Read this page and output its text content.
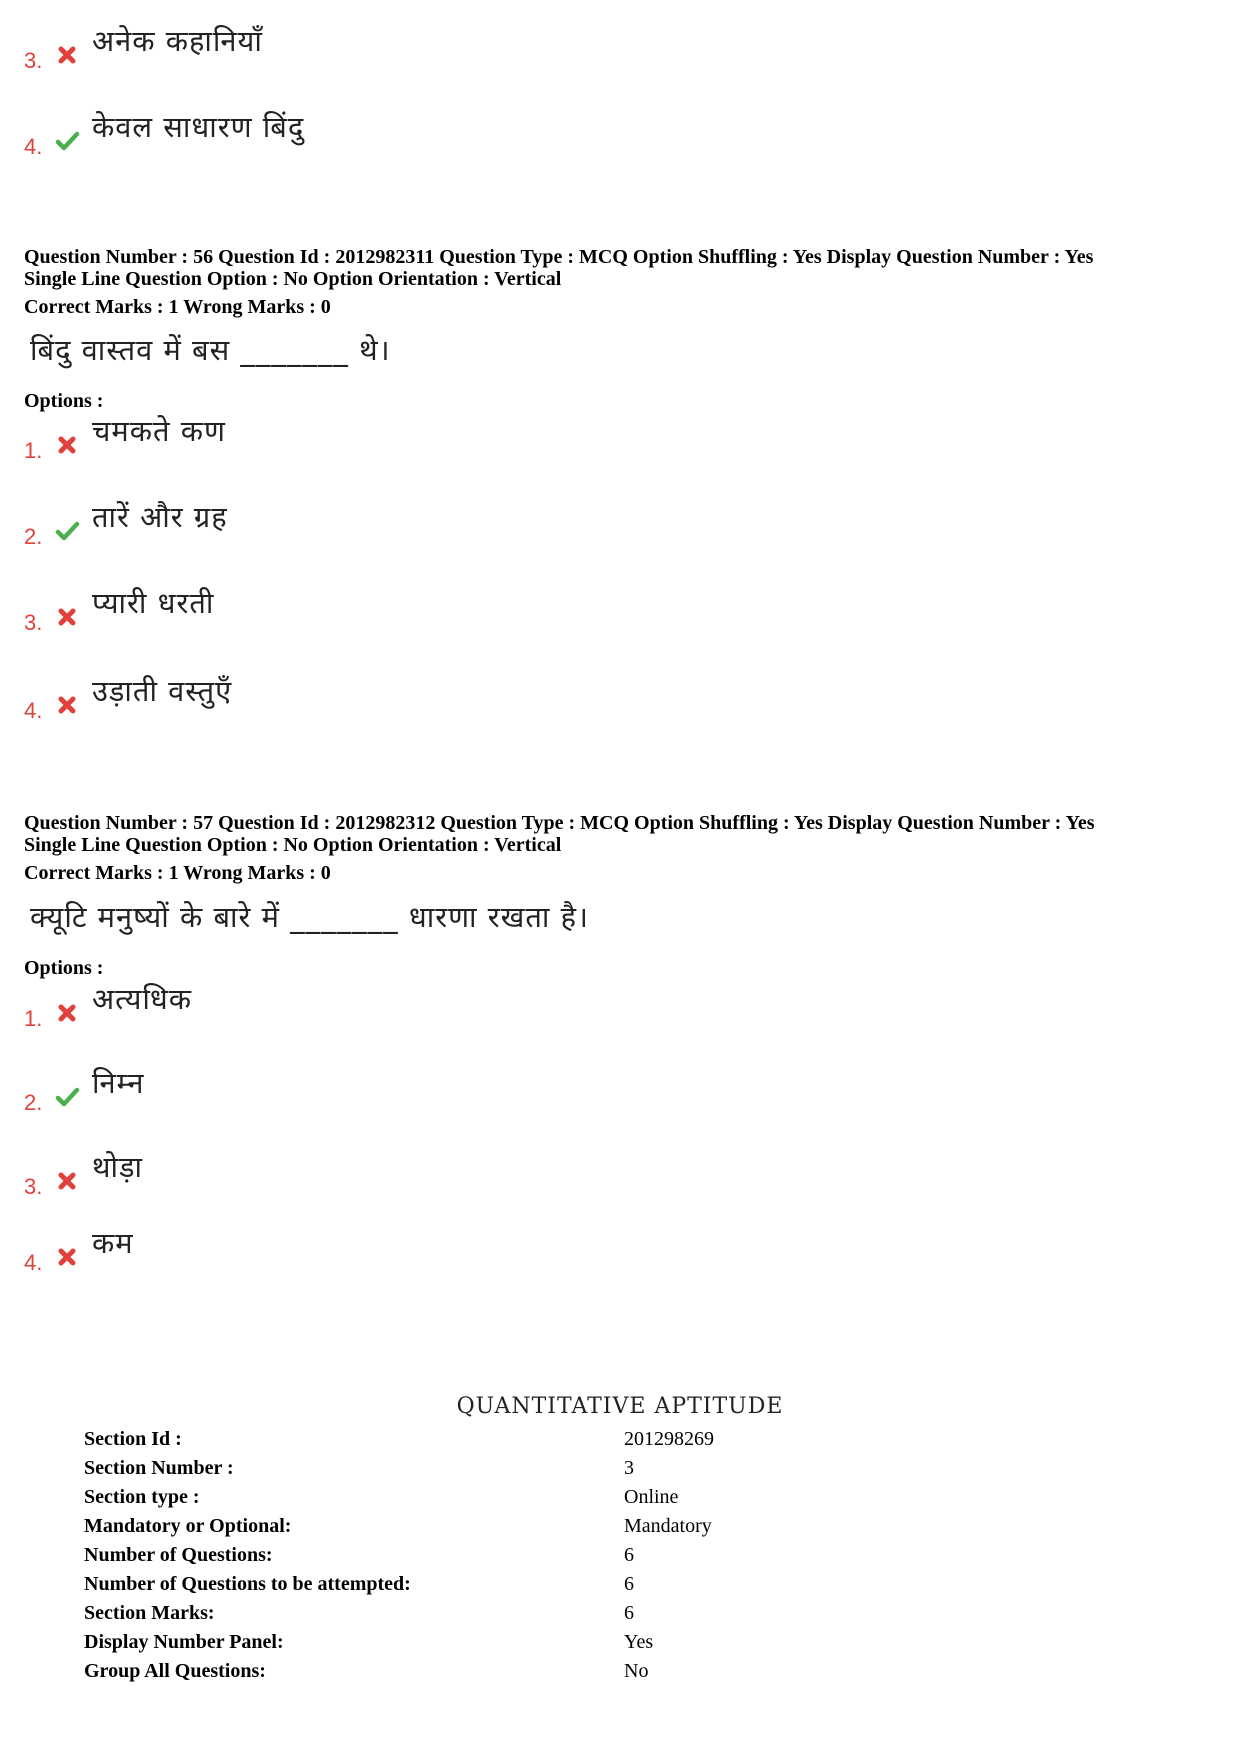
3.
अनेक कहानियाँ
4.
केवल साधारण बिंदु
Question Number : 56 Question Id : 2012982311 Question Type : MCQ Option Shuffling : Yes Display Question Number : Yes
Single Line Question Option : No Option Orientation : Vertical
Correct Marks : 1 Wrong Marks : 0
बिंदु वास्तव में बस _______ थे।
Options :
1.
चमकते कण
2.
तारें और ग्रह
3.
प्यारी धरती
4.
उड़ाती वस्तुएँ
Question Number : 57 Question Id : 2012982312 Question Type : MCQ Option Shuffling : Yes Display Question Number : Yes
Single Line Question Option : No Option Orientation : Vertical
Correct Marks : 1 Wrong Marks : 0
क्यूटि मनुष्यों के बारे में _______ धारणा रखता है।
Options :
1.
अत्यधिक
2.
निम्न
3.
थोड़ा
4.
कम
QUANTITATIVE APTITUDE
Section Id :	201298269
Section Number :	3
Section type :	Online
Mandatory or Optional:	Mandatory
Number of Questions:	6
Number of Questions to be attempted:	6
Section Marks:	6
Display Number Panel:	Yes
Group All Questions:	No
